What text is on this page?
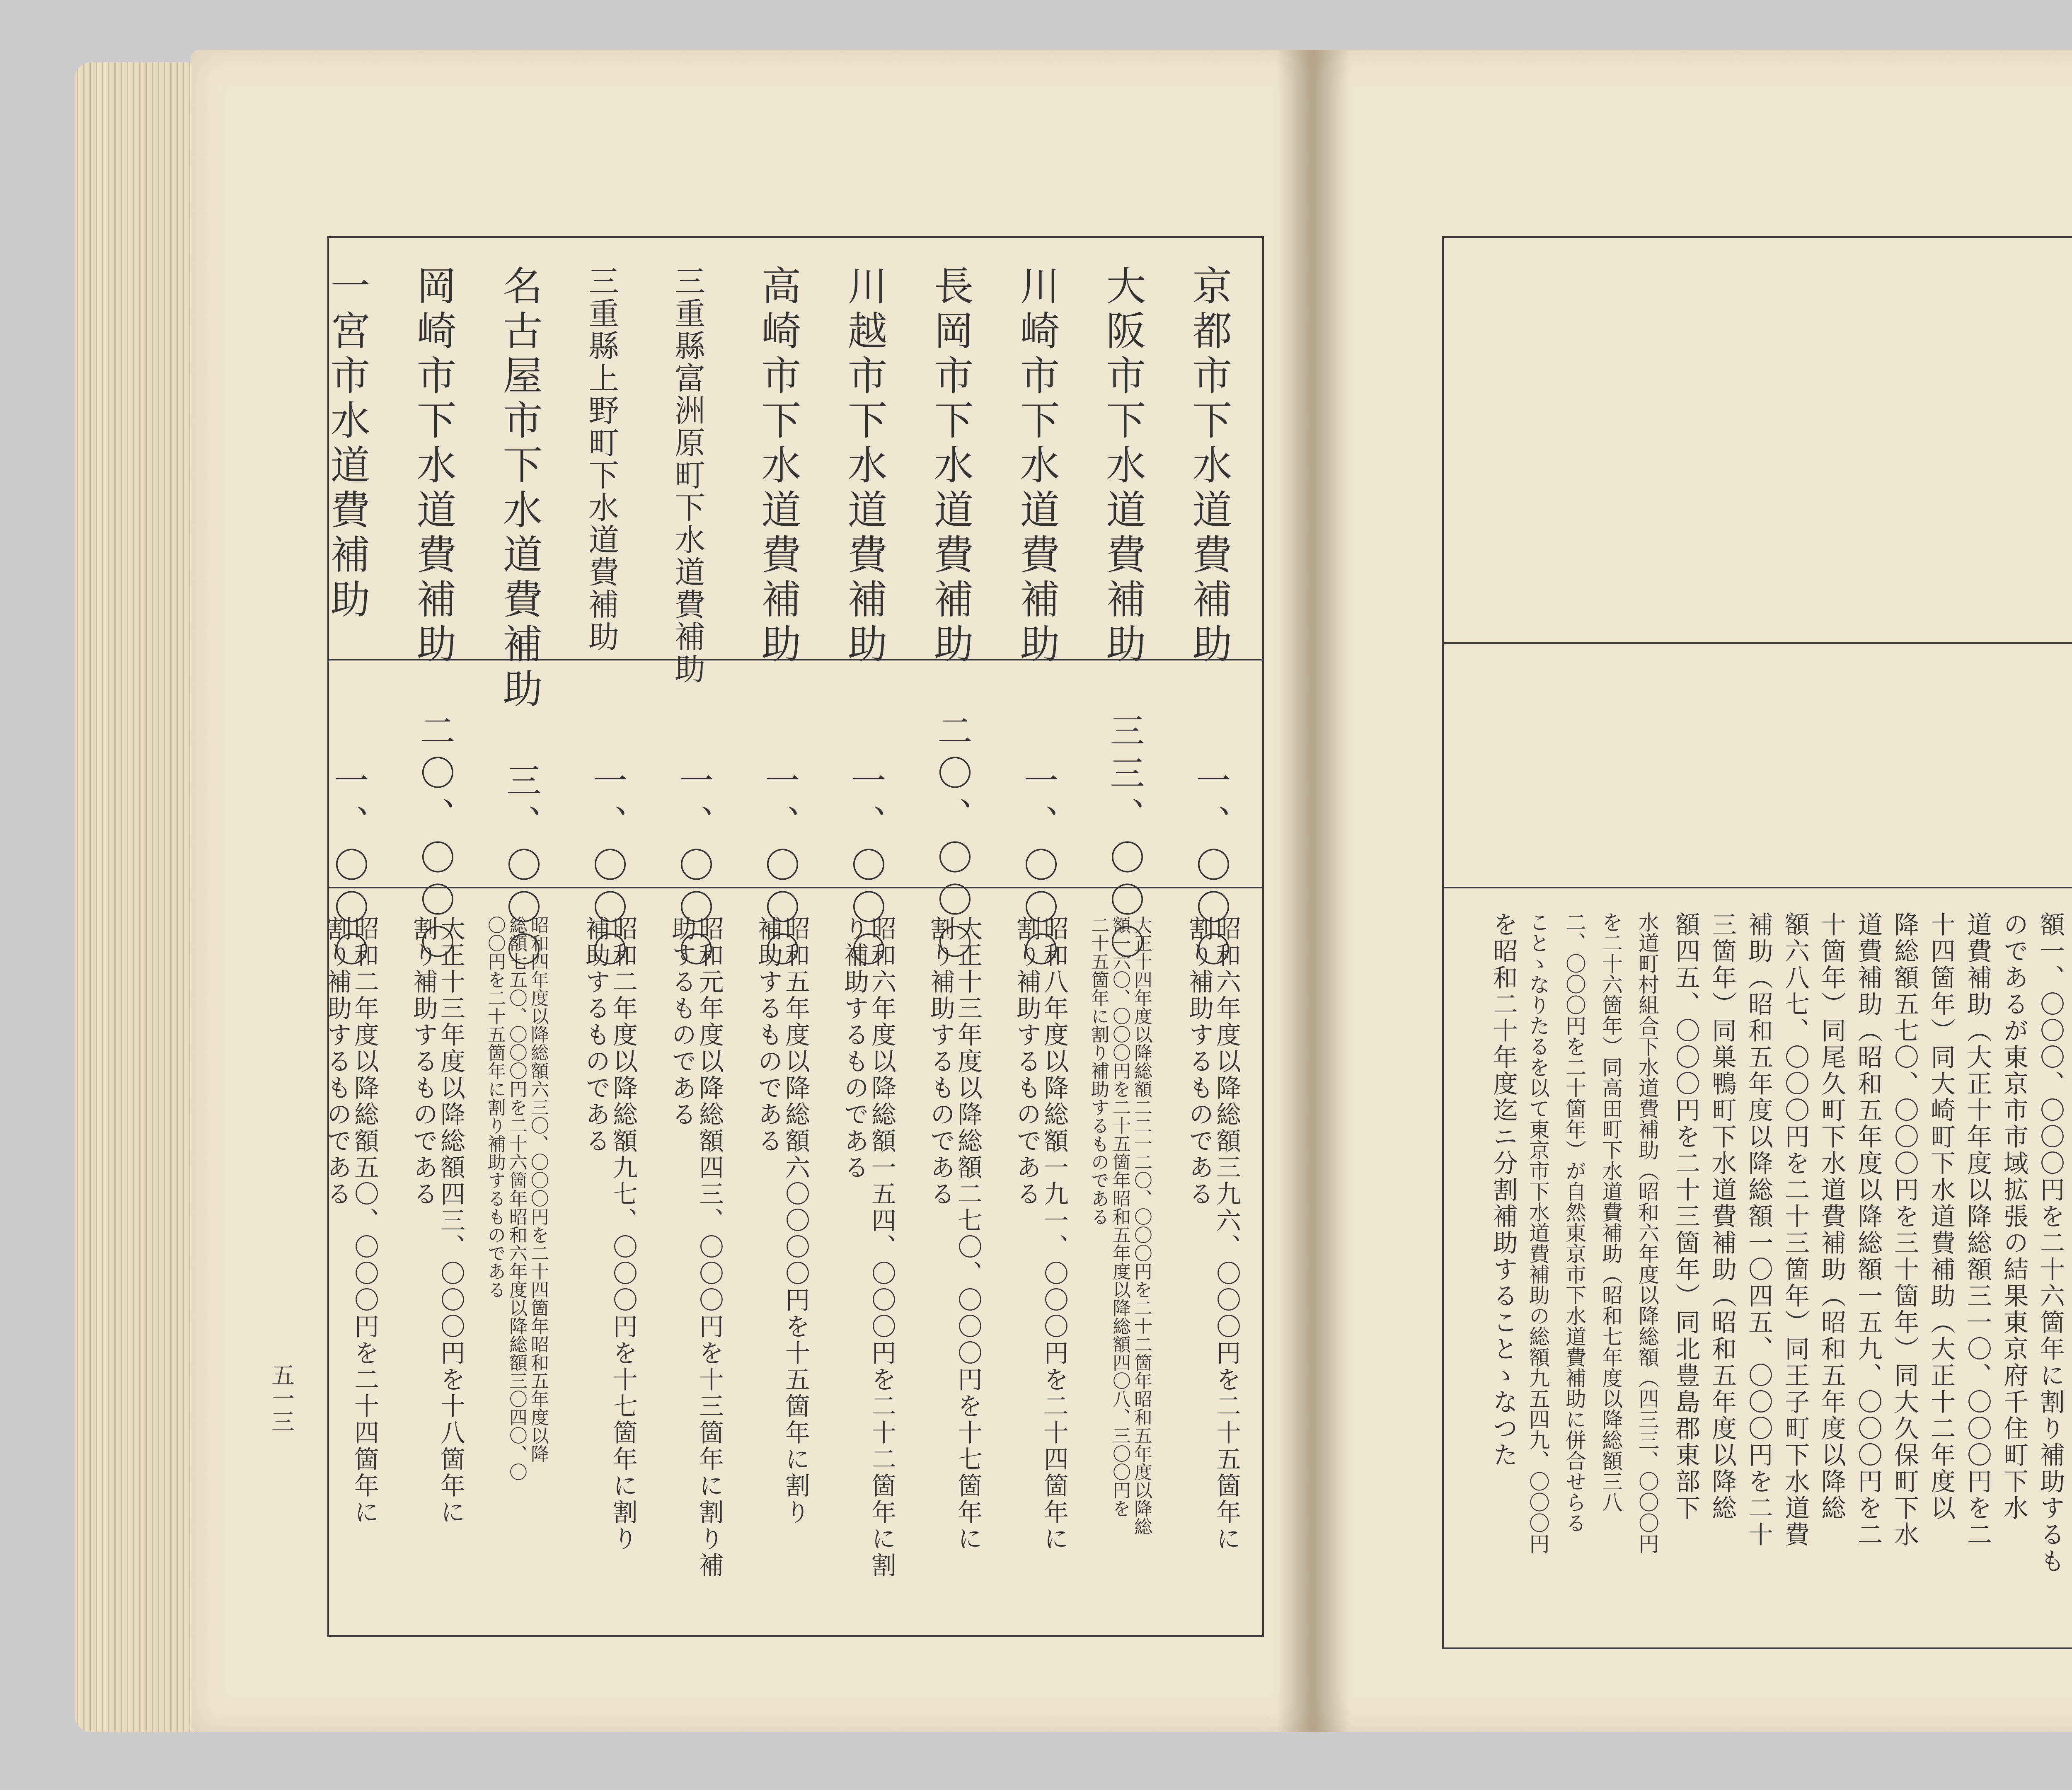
五一三
京都市下水道費補助
一、〇〇〇
昭和六年度以降総額三九六、〇〇〇円を二十五箇年に
割り補助するものである
大阪市下水道費補助
三三、〇〇〇
大正十四年度以降総額二二一二〇、〇〇〇円を二十二箇年昭和五年度以降総
額一六〇、〇〇〇円を二十五箇年昭和五年度以降総額四〇八、三〇〇円を
二十五箇年に割り補助するものである
川崎市下水道費補助
一、〇〇〇
昭和八年度以降総額一九一、〇〇〇円を二十四箇年に
割り補助するものである
長岡市下水道費補助
二〇、〇〇〇
大正十三年度以降総額二七〇、〇〇〇円を十七箇年に
割り補助するものである
川越市下水道費補助
一、〇〇〇
昭和六年度以降総額一五四、〇〇〇円を二十二箇年に割
り補助するものである
高崎市下水道費補助
一、〇〇〇
昭和五年度以降総額六〇〇〇〇円を十五箇年に割り
補助するものである
三重縣富洲原町下水道費補助
一、〇〇〇
昭和元年度以降総額四三、〇〇〇円を十三箇年に割り補
助するものである
三重縣上野町下水道費補助
一、〇〇〇
昭和二年度以降総額九七、〇〇〇円を十七箇年に割り
補助するものである
名古屋市下水道費補助
三、〇〇〇
昭和四年度以降総額六三〇、〇〇〇円を二十四箇年昭和五年度以降
総額七五〇、〇〇〇円を二十六箇年昭和六年度以降総額三〇四〇、〇
〇〇円を二十五箇年に割り補助するものである
岡崎市下水道費補助
二〇、〇〇〇
大正十三年度以降総額四三、〇〇〇円を十八箇年に
割り補助するものである
一宮市水道費補助
一、〇〇〇
昭和二年度以降総額五〇、〇〇〇円を二十四箇年に
割り補助するものである	額一、〇〇〇、〇〇〇円を二十六箇年に割り補助するも
のであるが東京市市域拡張の結果東京府千住町下水
道費補助（大正十年度以降総額三一〇、〇〇〇円を二
十四箇年）同大崎町下水道費補助（大正十二年度以
降総額五七〇、〇〇〇円を三十箇年）同大久保町下水
道費補助（昭和五年度以降総額一五九、〇〇〇円を二
十箇年）同尾久町下水道費補助（昭和五年度以降総
額六八七、〇〇〇円を二十三箇年）同王子町下水道費
補助（昭和五年度以降総額一〇四五、〇〇〇円を二十
三箇年）同巣鴨町下水道費補助（昭和五年度以降総
額四五、〇〇〇円を二十三箇年）同北豊島郡東部下
水道町村組合下水道費補助（昭和六年度以降総額（四三三、〇〇〇円
を二十六箇年）同高田町下水道費補助（昭和七年度以降総額三八
二、〇〇〇円を二十箇年）が自然東京市下水道費補助に併合せらる
ことゝなりたるを以て東京市下水道費補助の総額九五四九、〇〇〇円
を昭和二十年度迄ニ分割補助することゝなつた
